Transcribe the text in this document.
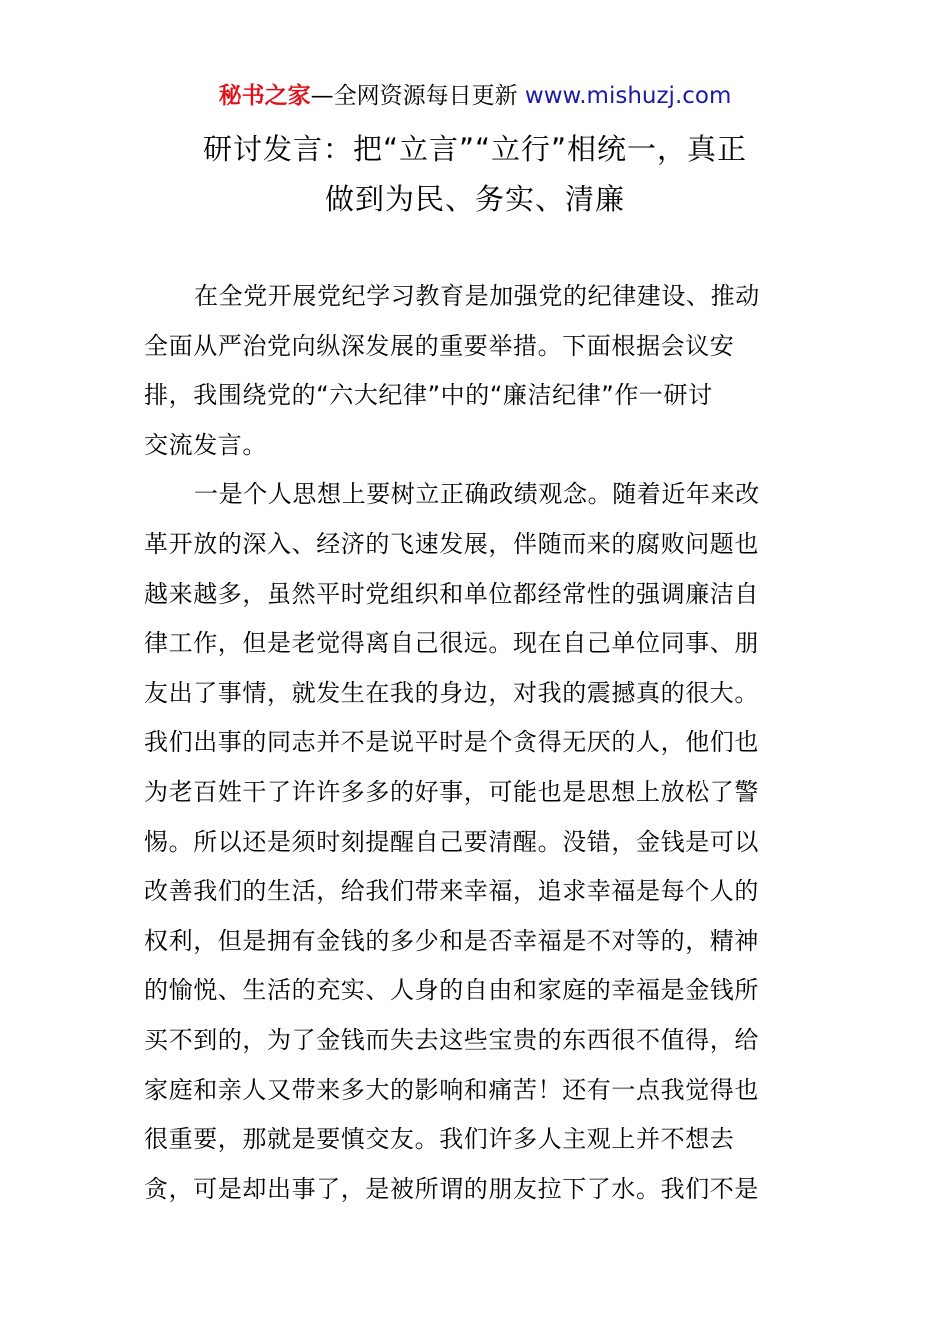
秘书之家—全网资源每日更新 www.mishuzj.com
研讨发言：把“立言”“立行”相统一，真正
做到为民、务实、清廉
在全党开展党纪学习教育是加强党的纪律建设、推动
全面从严治党向纵深发展的重要举措。下面根据会议安
排，我围绕党的“六大纪律”中的“廉洁纪律”作一研讨
交流发言。
一是个人思想上要树立正确政绩观念。随着近年来改
革开放的深入、经济的飞速发展，伴随而来的腐败问题也
越来越多，虽然平时党组织和单位都经常性的强调廉洁自
律工作，但是老觉得离自己很远。现在自己单位同事、朋
友出了事情，就发生在我的身边，对我的震撼真的很大。
我们出事的同志并不是说平时是个贪得无厌的人，他们也
为老百姓干了许许多多的好事，可能也是思想上放松了警
惕。所以还是须时刻提醒自己要清醒。没错，金钱是可以
改善我们的生活，给我们带来幸福，追求幸福是每个人的
权利，但是拥有金钱的多少和是否幸福是不对等的，精神
的愉悦、生活的充实、人身的自由和家庭的幸福是金钱所
买不到的，为了金钱而失去这些宝贵的东西很不值得，给
家庭和亲人又带来多大的影响和痛苦！还有一点我觉得也
很重要，那就是要慎交友。我们许多人主观上并不想去
贪，可是却出事了，是被所谓的朋友拉下了水。我们不是
